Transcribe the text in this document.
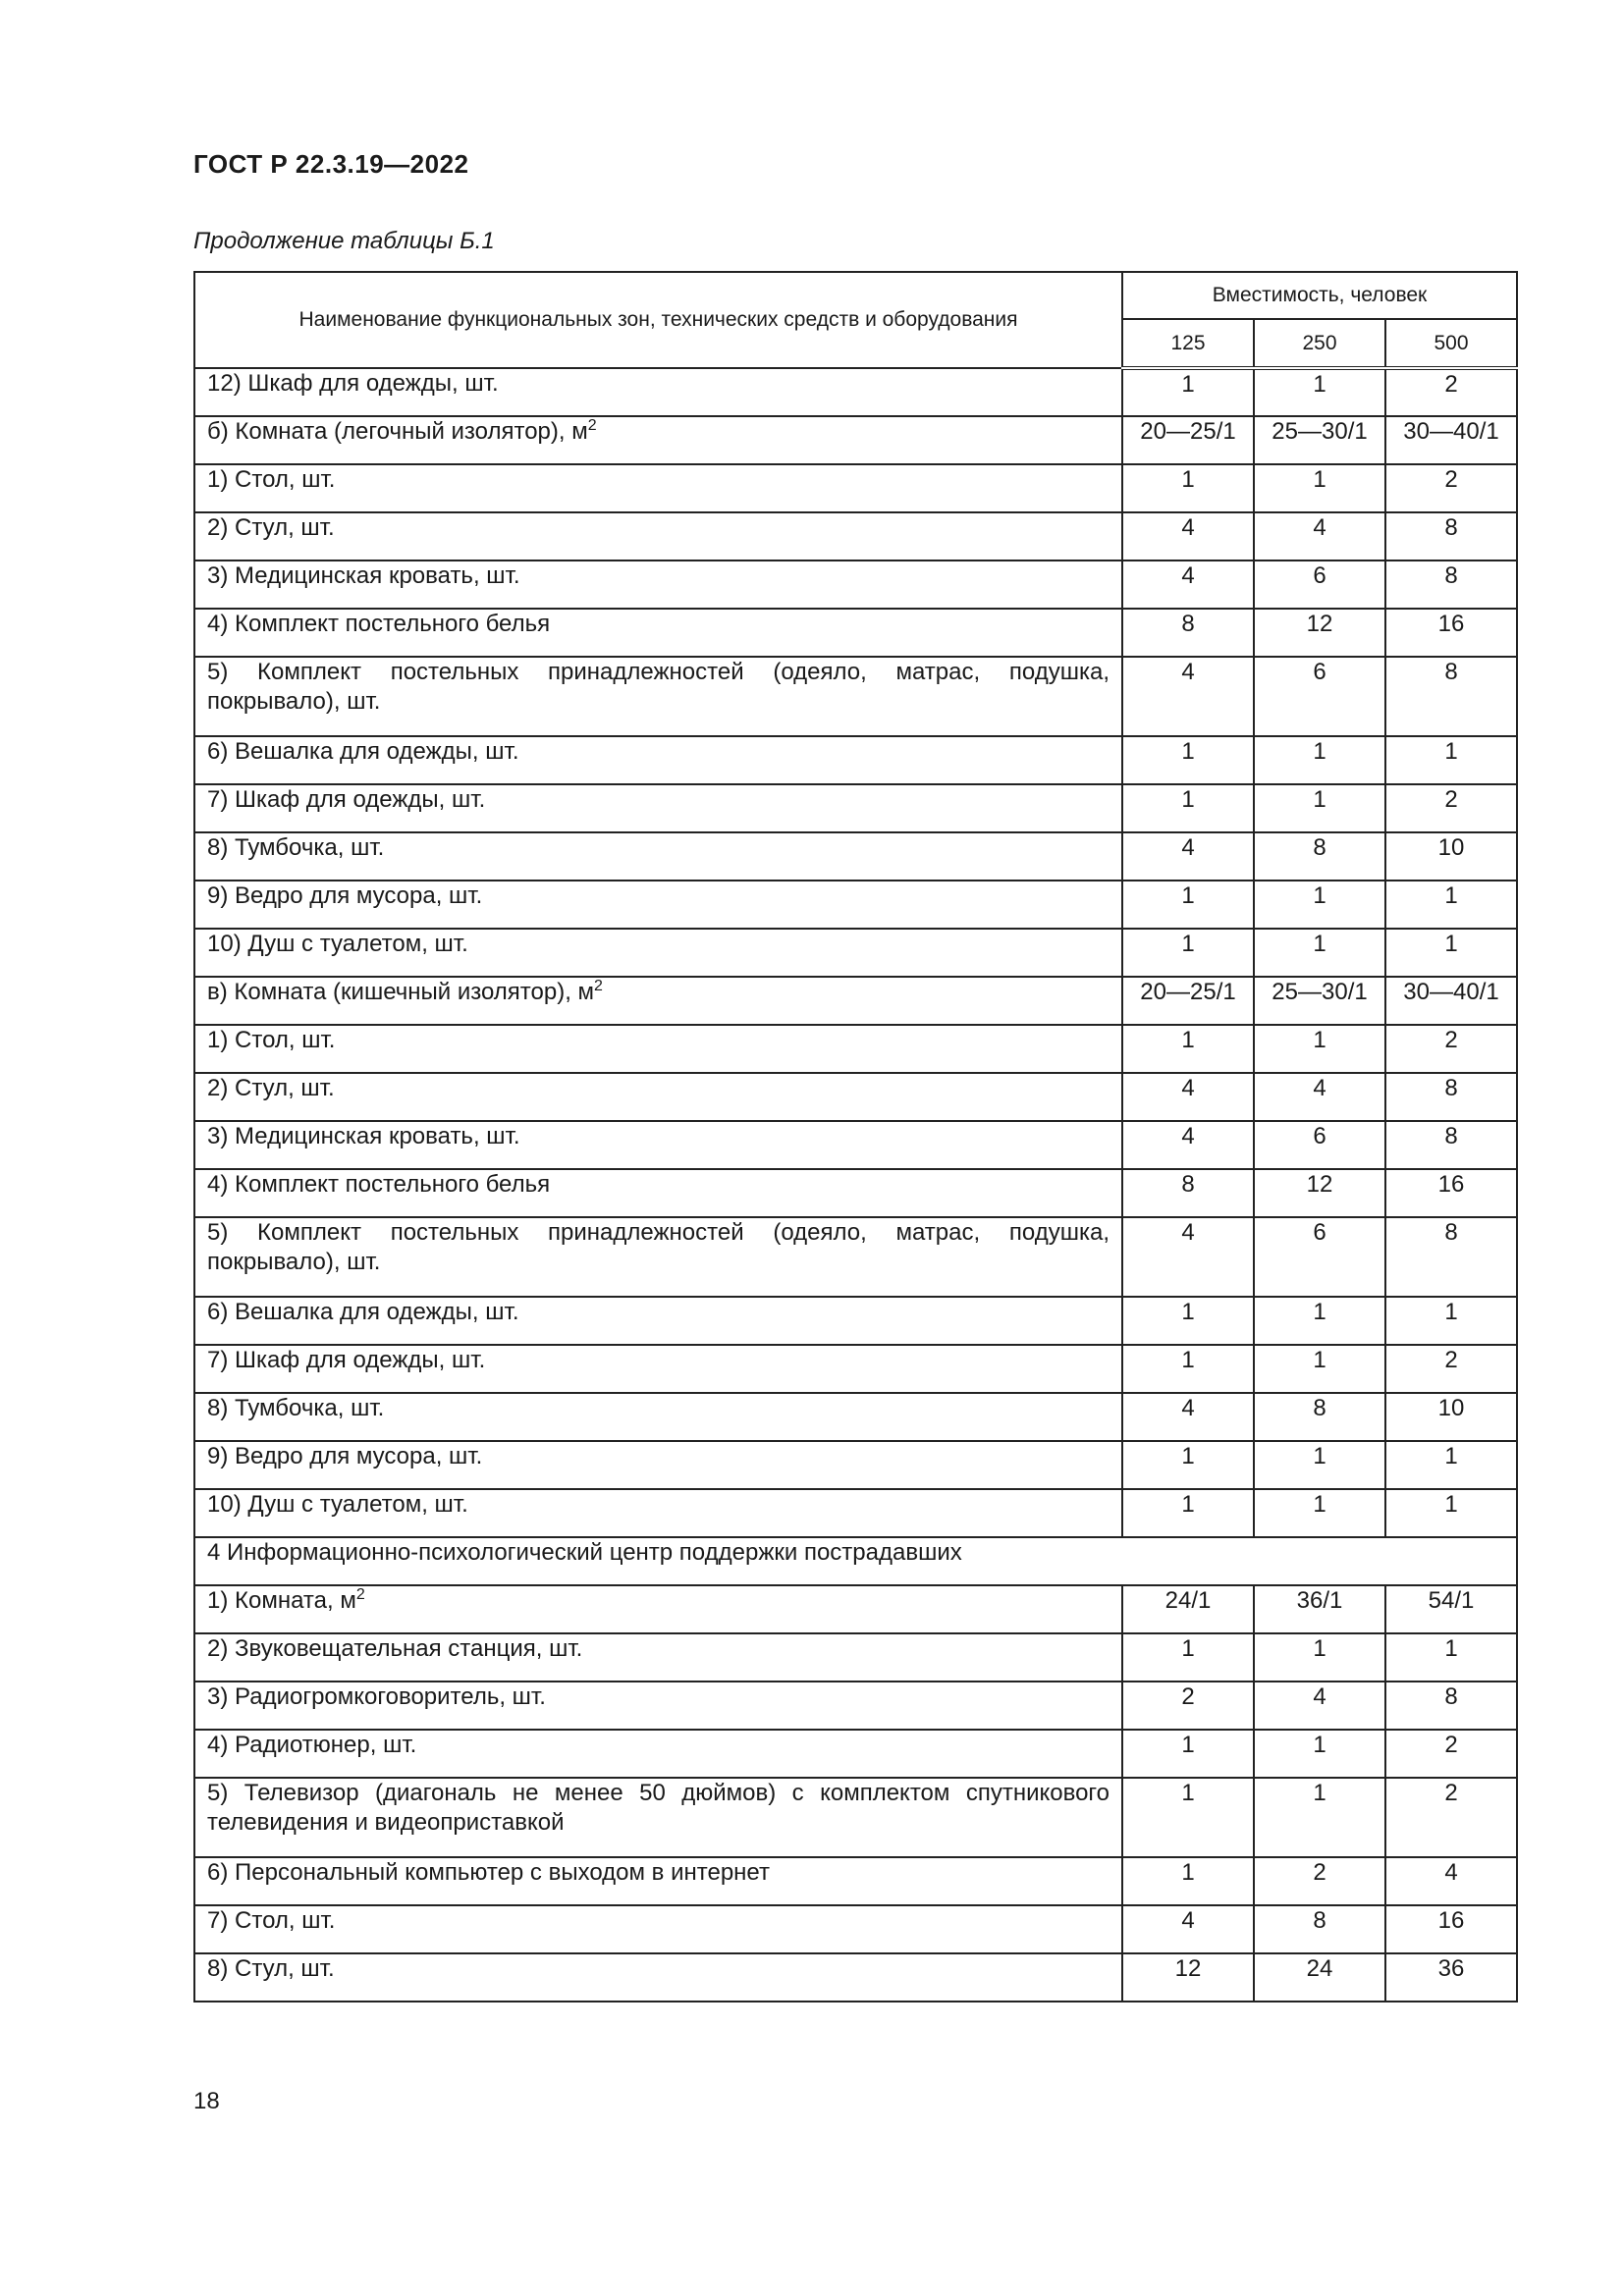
ГОСТ Р 22.3.19—2022
Продолжение таблицы Б.1
Наименование функциональных зон, технических средств и оборудования	Вместимость, человек		
	125	250	500
12) Шкаф для одежды, шт.	1	1	2
б) Комната (легочный изолятор), $м^2$	20—25/1	25—30/1	30—40/1
1) Стол, шт.	1	1	2
2) Стул, шт.	4	4	8
3) Медицинская кровать, шт.	4	6	8
4) Комплект постельного белья	8	12	16
5) Комплект постельных принадлежностей (одеяло, матрас, подушка, покрывало), шт.	4	6	8
6) Вешалка для одежды, шт.	1	1	1
7) Шкаф для одежды, шт.	1	1	2
8) Тумбочка, шт.	4	8	10
9) Ведро для мусора, шт.	1	1	1
10) Душ с туалетом, шт.	1	1	1
в) Комната (кишечный изолятор), $м^2$	20—25/1	25—30/1	30—40/1
1) Стол, шт.	1	1	2
2) Стул, шт.	4	4	8
3) Медицинская кровать, шт.	4	6	8
4) Комплект постельного белья	8	12	16
5) Комплект постельных принадлежностей (одеяло, матрас, подушка, покрывало), шт.	4	6	8
6) Вешалка для одежды, шт.	1	1	1
7) Шкаф для одежды, шт.	1	1	2
8) Тумбочка, шт.	4	8	10
9) Ведро для мусора, шт.	1	1	1
10) Душ с туалетом, шт.	1	1	1
4 Информационно-психологический центр поддержки пострадавших			
1) Комната, $м^2$	24/1	36/1	54/1
2) Звуковещательная станция, шт.	1	1	1
3) Радиогромкоговоритель, шт.	2	4	8
4) Радиотюнер, шт.	1	1	2
5) Телевизор (диагональ не менее 50 дюймов) с комплектом спутникового телевидения и видеоприставкой	1	1	2
6) Персональный компьютер с выходом в интернет	1	2	4
7) Стол, шт.	4	8	16
8) Стул, шт.	12	24	36
18
